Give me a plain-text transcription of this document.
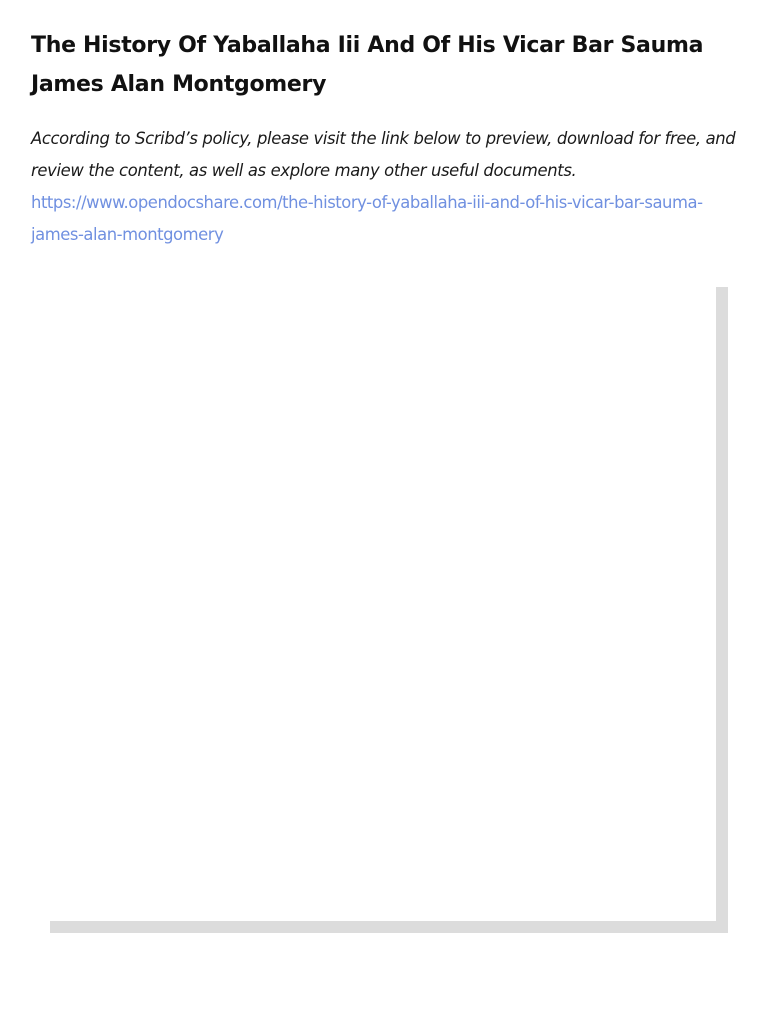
The History Of Yaballaha Iii And Of His Vicar Bar Sauma James Alan Montgomery

According to Scribd’s policy, please visit the link below to preview, download for free, and review the content, as well as explore many other useful documents.

https://www.opendocshare.com/the-history-of-yaballaha-iii-and-of-his-vicar-bar-sauma-james-alan-montgomery
